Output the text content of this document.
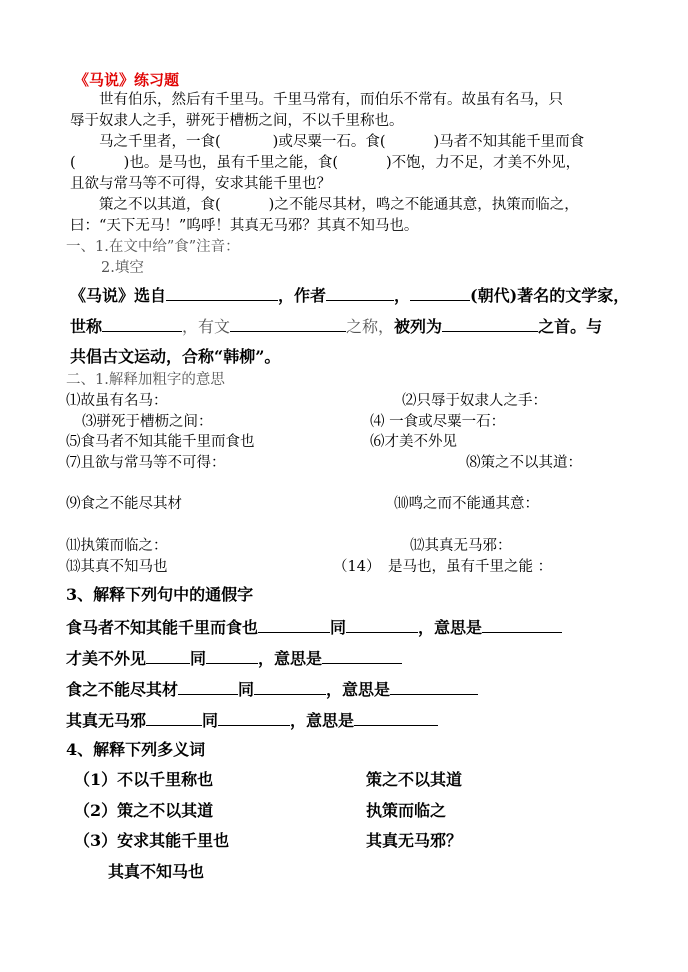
《马说》练习题
世有伯乐，然后有千里马。千里马常有，而伯乐不常有。故虽有名马，只
辱于奴隶人之手，骈死于槽枥之间，不以千里称也。
马之千里者，一食(	)或尽粟一石。食(	)马者不知其能千里而食
(	)也。是马也，虽有千里之能，食(	)不饱，力不足，才美不外见，
且欲与常马等不可得，安求其能千里也？
策之不以其道，食(	)之不能尽其材，鸣之不能通其意，执策而临之，
曰：“天下无马！”呜呼！其真无马邪？其真不知马也。
一、1.在文中给”食”注音：
2.填空
《马说》选自	，作者	，	(朝代)著名的文学家，
世称	，有文	之称，被列为	之首。与
共倡古文运动，合称“韩柳”。
二、1.解释加粗字的意思
⑴故虽有名马：	⑵只辱于奴隶人之手：
⑶骈死于槽枥之间：	⑷ 一食或尽粟一石：
⑸食马者不知其能千里而食也	⑹才美不外见
⑺且欲与常马等不可得：	⑻策之不以其道：
⑼食之不能尽其材	⑽鸣之而不能通其意：
⑾执策而临之：	⑿其真无马邪：
⒀其真不知马也	（14） 是马也，虽有千里之能 ：
3、解释下列句中的通假字
食马者不知其能千里而食也	同	，意思是
才美不外见	同	，意思是
食之不能尽其材	同	，意思是
其真无马邪	同	，意思是
4、解释下列多义词
（1）不以千里称也	策之不以其道
（2）策之不以其道	执策而临之
（3）安求其能千里也	其真无马邪？
其真不知马也
